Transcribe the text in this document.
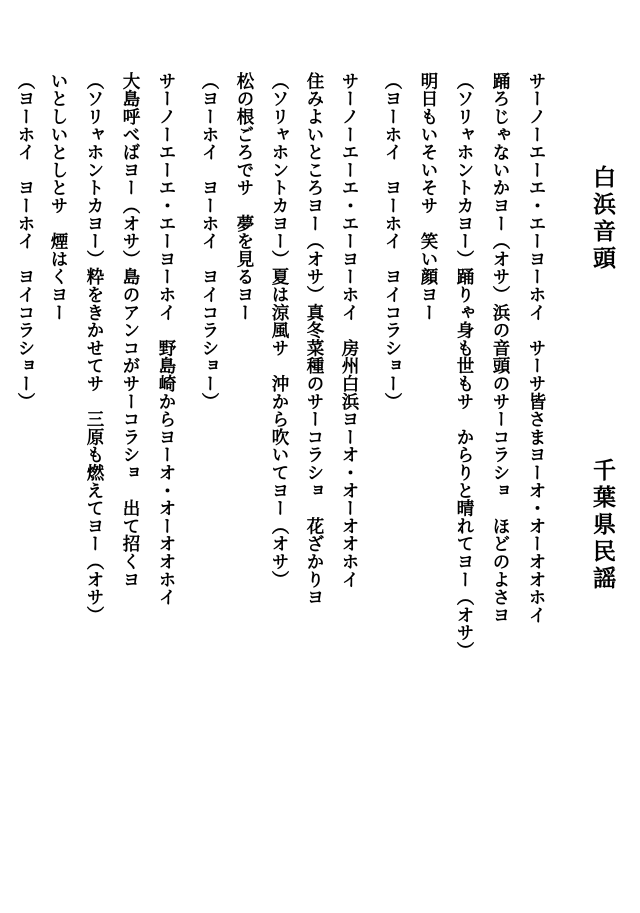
白浜音頭
千葉県民謡
サーノーエーエ・エーヨーホイ　サーサ皆さまヨーオ・オーオオホイ
踊ろじゃないかヨー（オサ）浜の音頭のサーコラショ　ほどのよさヨ
（ソリャホントカヨー）踊りゃ身も世もサ　からりと晴れてヨー（オサ）
明日もいそいそサ　笑い顔ヨー
（ヨーホイ　ヨーホイ　ヨイコラショー）
サーノーエーエ・エーヨーホイ　房州白浜ヨーオ・オーオオホイ
住みよいところヨー（オサ）真冬菜種のサーコラショ　花ざかりヨ
（ソリャホントカヨー）夏は涼風サ　沖から吹いてヨー（オサ）
松の根ごろでサ　夢を見るヨー
（ヨーホイ　ヨーホイ　ヨイコラショー）
サーノーエーエ・エーヨーホイ　野島崎からヨーオ・オーオオホイ
大島呼べばヨー（オサ）島のアンコがサーコラショ　出て招くヨ
（ソリャホントカヨー）粋をきかせてサ　三原も燃えてヨー（オサ）
いとしいとしとサ　煙はくヨー
（ヨーホイ　ヨーホイ　ヨイコラショー）
